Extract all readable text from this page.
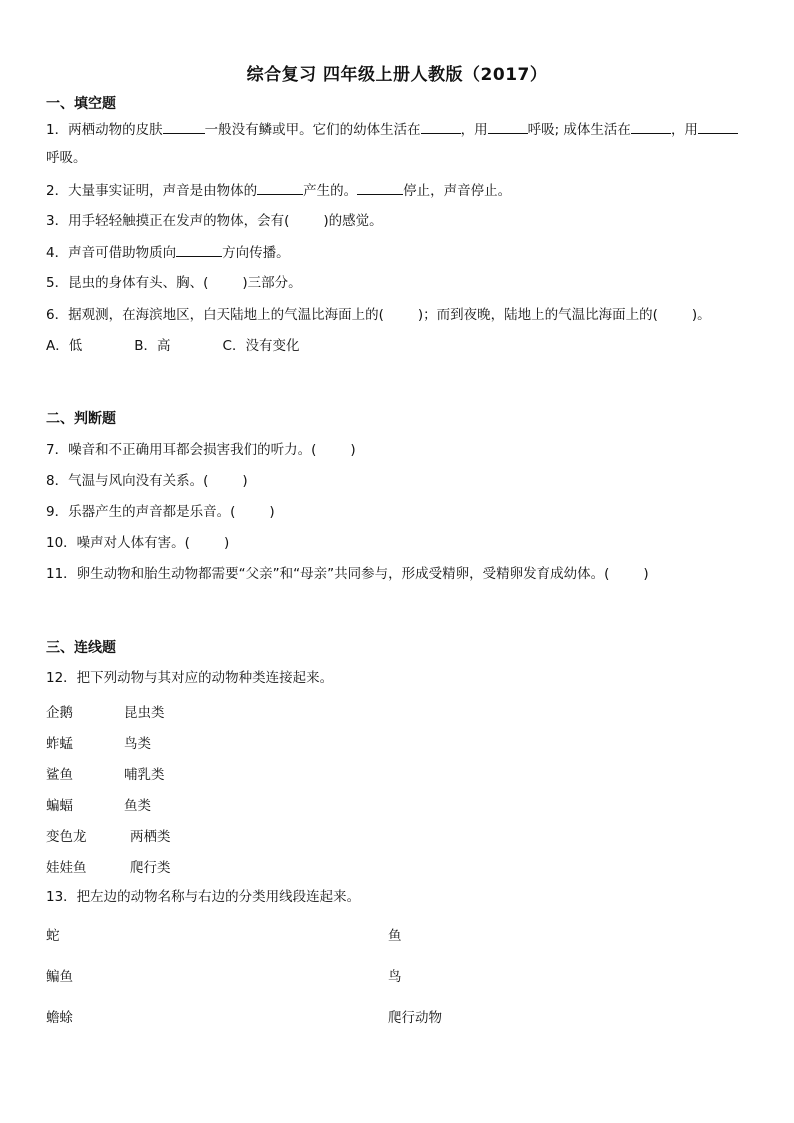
综合复习 四年级上册人教版（2017）
一、填空题
1．两栖动物的皮肤	一般没有鳞或甲。它们的幼体生活在	，用	呼吸; 成体生活在	，用
呼吸。
2．大量事实证明，声音是由物体的	产生的。	停止，声音停止。
3．用手轻轻触摸正在发声的物体，会有(	)的感觉。
4．声音可借助物质向	方向传播。
5．昆虫的身体有头、胸、(	)三部分。
6．据观测，在海滨地区，白天陆地上的气温比海面上的(	)；而到夜晚，陆地上的气温比海面上的(	)。
A．低	B．高	C．没有变化
二、判断题
7．噪音和不正确用耳都会损害我们的听力。(	)
8．气温与风向没有关系。(	)
9．乐器产生的声音都是乐音。(	)
10．噪声对人体有害。(	)
11．卵生动物和胎生动物都需要“父亲”和“母亲”共同参与，形成受精卵，受精卵发育成幼体。(	)
三、连线题
12．把下列动物与其对应的动物种类连接起来。
企鹅	昆虫类
蚱蜢	鸟类
鲨鱼	哺乳类
蝙蝠	鱼类
变色龙	两栖类
娃娃鱼	爬行类
13．把左边的动物名称与右边的分类用线段连起来。
蛇	鱼
鳊鱼	鸟
蟾蜍	爬行动物
